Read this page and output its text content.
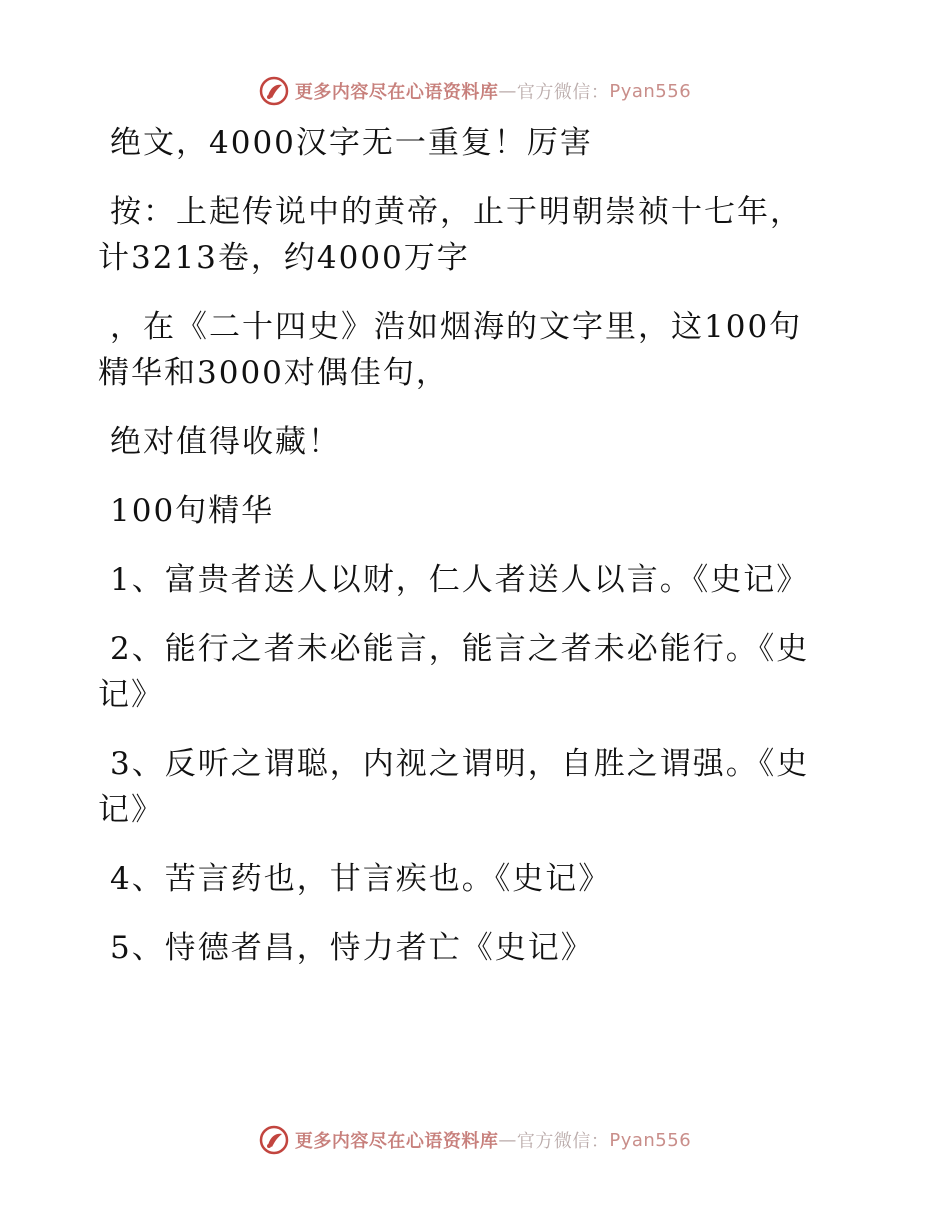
更多内容尽在心语资料库 — 官方微信： Pyan556
绝文，4000汉字无一重复！厉害
按：上起传说中的黄帝，止于明朝崇祯十七年，
计3213卷，约4000万字
，在《二十四史》浩如烟海的文字里，这100句
精华和3000对偶佳句，
绝对值得收藏！
100句精华
1、富贵者送人以财，仁人者送人以言。《史记》
2、能行之者未必能言，能言之者未必能行。《史
记》
3、反听之谓聪，内视之谓明，自胜之谓强。《史
记》
4、苦言药也，甘言疾也。《史记》
5、恃德者昌，恃力者亡《史记》
更多内容尽在心语资料库 — 官方微信： Pyan556
